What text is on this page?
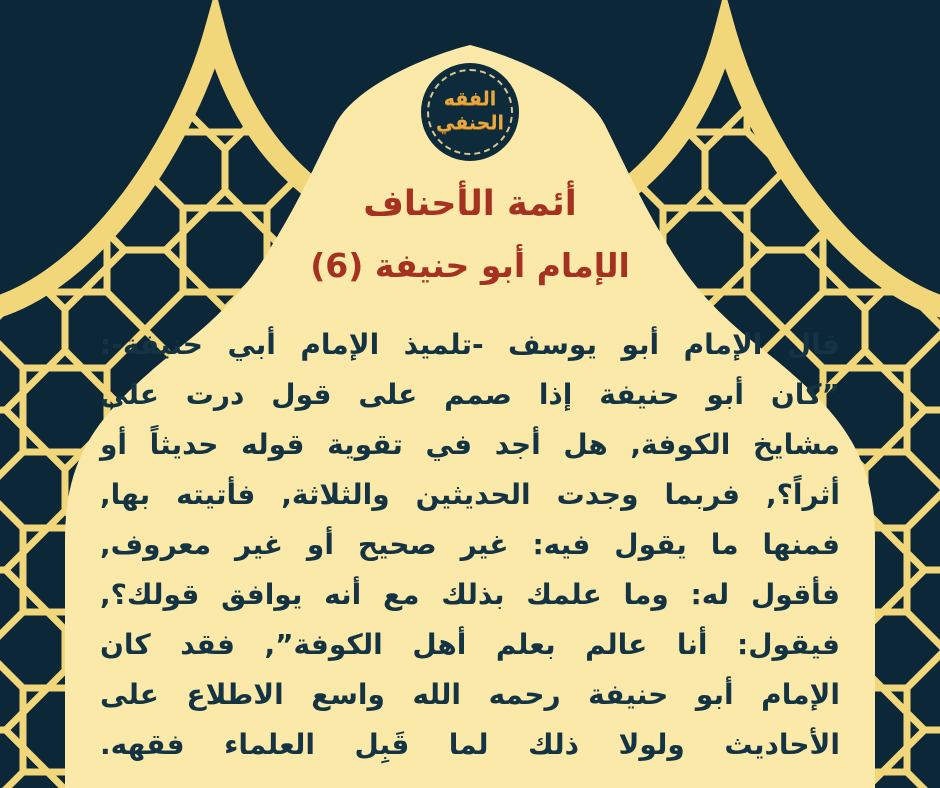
الفقه
الحنفي
أئمة الأحناف
الإمام أبو حنيفة (6)
قال الإمام أبو يوسف -تلميذ الإمام أبي حنيفة-:
”كان أبو حنيفة إذا صمم على قول درت على
مشايخ الكوفة, هل أجد في تقوية قوله حديثاً أو
أثراً؟, فربما وجدت الحديثين والثلاثة, فأتيته بها,
فمنها ما يقول فيه: غير صحيح أو غير معروف,
فأقول له: وما علمك بذلك مع أنه يوافق قولك؟,
فيقول: أنا عالم بعلم أهل الكوفة”, فقد كان
الإمام أبو حنيفة رحمه الله واسع الاطلاع على
الأحاديث ولولا ذلك لما قَبِل العلماء فقهه.
